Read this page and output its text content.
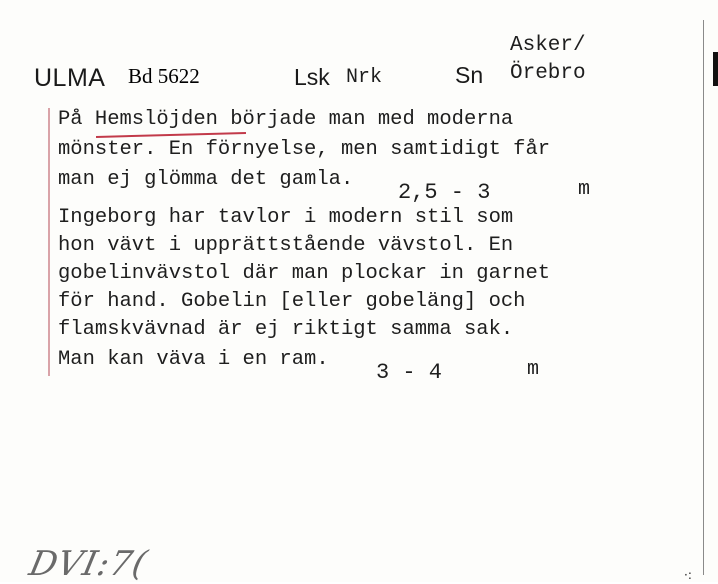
ULMA Bd 5622	Lsk Nrk	Sn
Asker/
Örebro
På Hemslöjden började man med moderna
mönster. En förnyelse, men samtidigt får
man ej glömma det gamla.
2,5 - 3	m
Ingeborg har tavlor i modern stil som
hon vävt i upprättstående vävstol. En
gobelinvävstol där man plockar in garnet
för hand. Gobelin [eller gobeläng] och
flamskvävnad är ej riktigt samma sak.
Man kan väva i en ram.
3 - 4	m
DVI:7(	·:
